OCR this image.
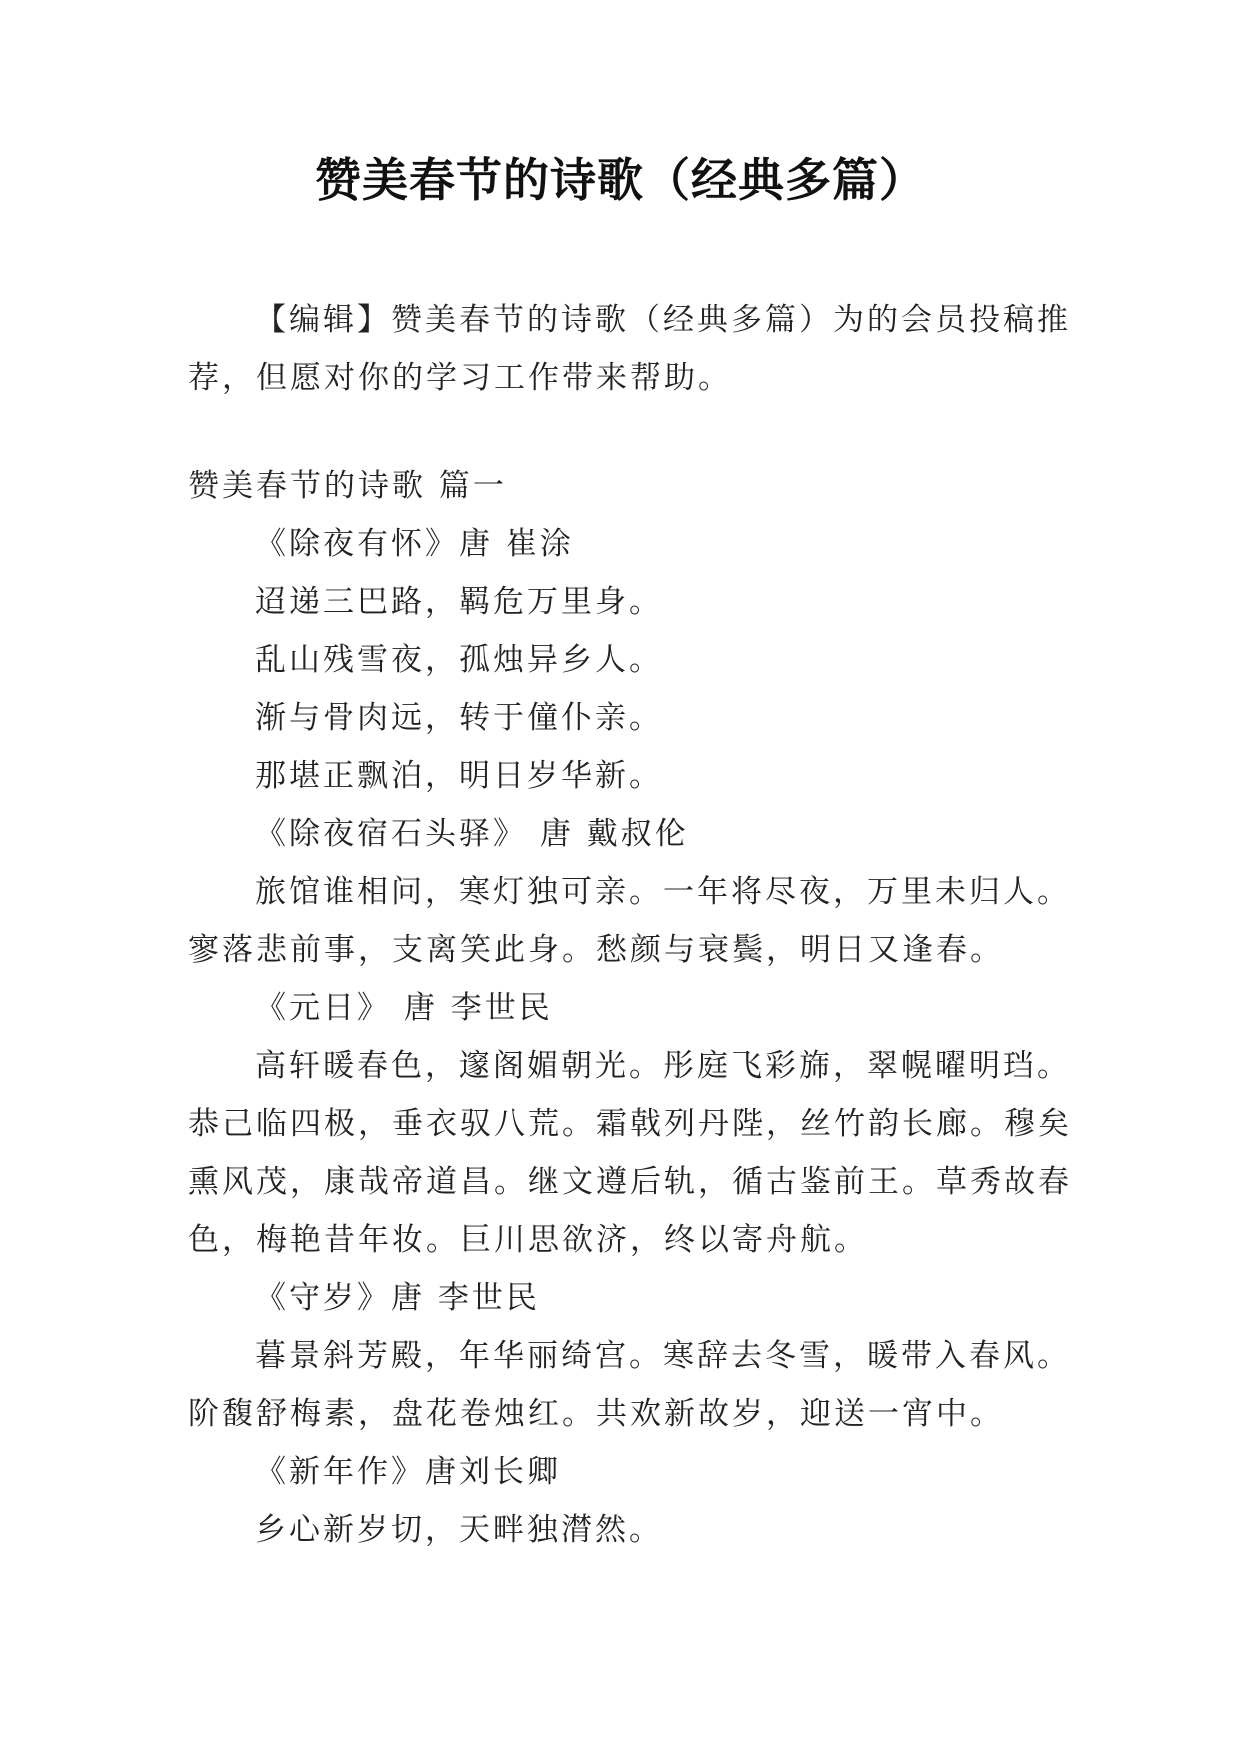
赞美春节的诗歌（经典多篇）
【编辑】赞美春节的诗歌（经典多篇）为的会员投稿推
荐，但愿对你的学习工作带来帮助。
赞美春节的诗歌 篇一
《除夜有怀》唐 崔涂
迢递三巴路，羁危万里身。
乱山残雪夜，孤烛异乡人。
渐与骨肉远，转于僮仆亲。
那堪正飘泊，明日岁华新。
《除夜宿石头驿》 唐 戴叔伦
旅馆谁相问，寒灯独可亲。一年将尽夜，万里未归人。
寥落悲前事，支离笑此身。愁颜与衰鬓，明日又逢春。
《元日》 唐 李世民
高轩暖春色，邃阁媚朝光。彤庭飞彩旆，翠幌曜明珰。
恭己临四极，垂衣驭八荒。霜戟列丹陛，丝竹韵长廊。穆矣
熏风茂，康哉帝道昌。继文遵后轨，循古鉴前王。草秀故春
色，梅艳昔年妆。巨川思欲济，终以寄舟航。
《守岁》唐 李世民
暮景斜芳殿，年华丽绮宫。寒辞去冬雪，暖带入春风。
阶馥舒梅素，盘花卷烛红。共欢新故岁，迎送一宵中。
《新年作》唐刘长卿
乡心新岁切，天畔独潸然。
